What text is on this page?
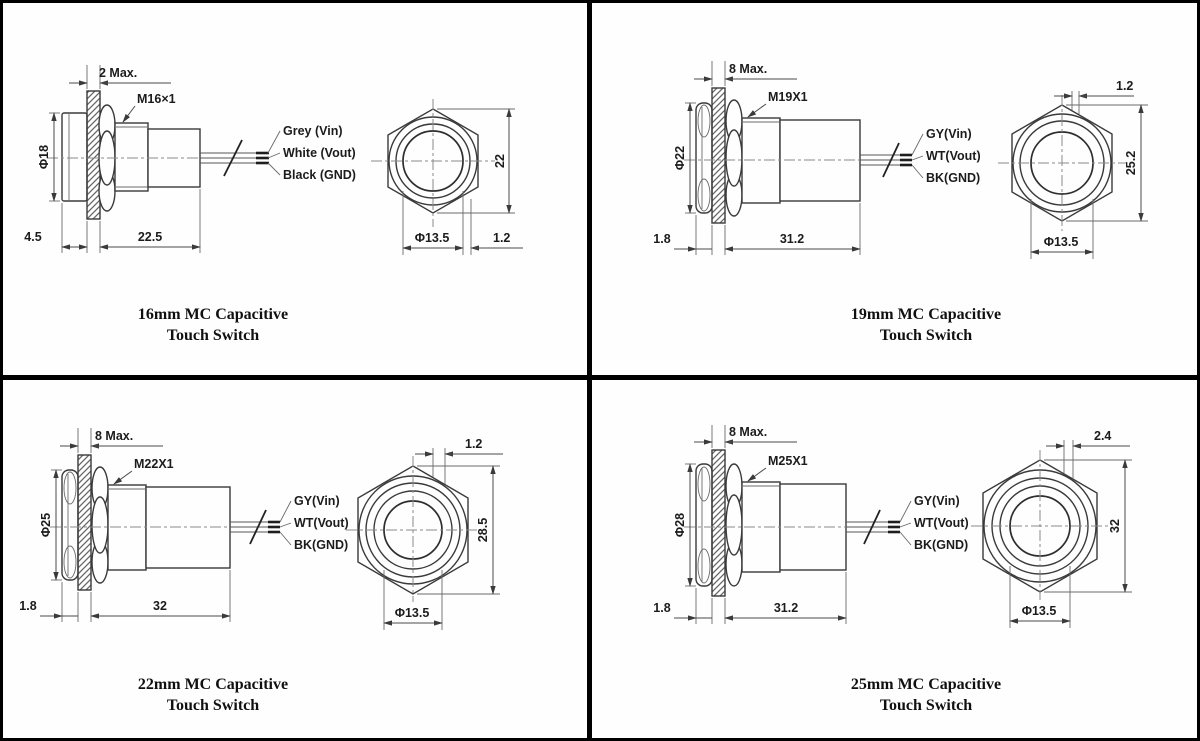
Grey (Vin)
White (Vout)
Black (GND)
2 Max.
M16×1
Φ18
4.5	22.5
22
Φ13.5	1.2
16mm MC Capacitive
Touch Switch
GY(Vin)
WT(Vout)
BK(GND)
8 Max.
M19X1
Φ22
1.8	31.2
1.2
25.2
Φ13.5
19mm MC Capacitive
Touch Switch
GY(Vin)
WT(Vout)
BK(GND)
8 Max.
M22X1
Φ25
1.8	32
1.2
28.5
Φ13.5
22mm MC Capacitive
Touch Switch
GY(Vin)
WT(Vout)
BK(GND)
8 Max.
M25X1
Φ28
1.8	31.2
2.4
32
Φ13.5
25mm MC Capacitive
Touch Switch
